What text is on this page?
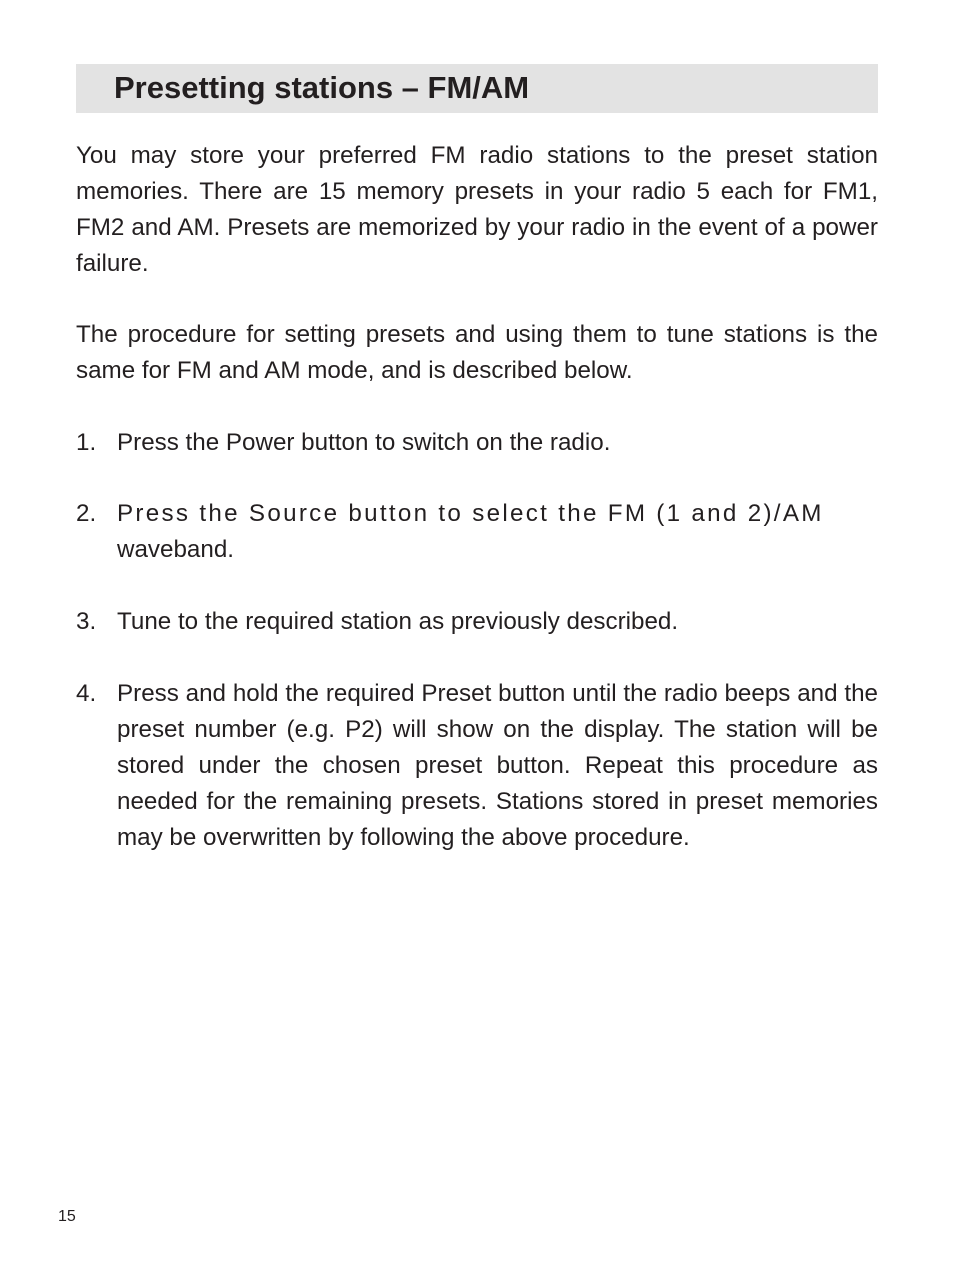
Presetting stations – FM/AM

You may store your preferred FM radio stations to the preset station memories. There are 15 memory presets in your radio 5 each for FM1, FM2 and AM. Presets are memorized by your radio in the event of a power failure.

The procedure for setting presets and using them to tune stations is the same for FM and AM mode, and is described below.

1. Press the Power button to switch on the radio.
2. Press the Source button to select the FM (1 and 2)/AM
waveband.
3. Tune to the required station as previously described.
4. Press and hold the required Preset button until the radio beeps and the preset number (e.g. P2) will show on the display. The station will be stored under the chosen preset button. Repeat this procedure as needed for the remaining presets. Stations stored in preset memories may be overwritten by following the above procedure.
15
